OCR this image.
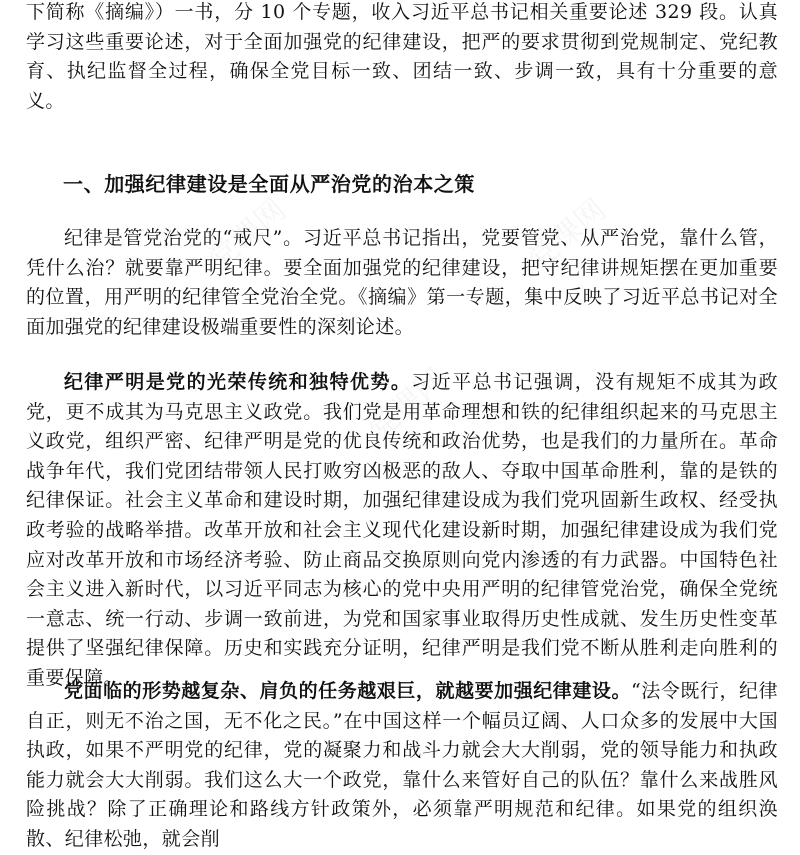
党课网	党课网
党课网

下简称《摘编》）一书，分 10 个专题，收入习近平总书记相关重要论述 329 段。认真学习这些重要论述，对于全面加强党的纪律建设，把严的要求贯彻到党规制定、党纪教育、执纪监督全过程，确保全党目标一致、团结一致、步调一致，具有十分重要的意义。

一、加强纪律建设是全面从严治党的治本之策

纪律是管党治党的“戒尺”。习近平总书记指出，党要管党、从严治党，靠什么管，凭什么治？就要靠严明纪律。要全面加强党的纪律建设，把守纪律讲规矩摆在更加重要的位置，用严明的纪律管全党治全党。《摘编》第一专题，集中反映了习近平总书记对全面加强党的纪律建设极端重要性的深刻论述。

纪律严明是党的光荣传统和独特优势。习近平总书记强调，没有规矩不成其为政党，更不成其为马克思主义政党。我们党是用革命理想和铁的纪律组织起来的马克思主义政党，组织严密、纪律严明是党的优良传统和政治优势，也是我们的力量所在。革命战争年代，我们党团结带领人民打败穷凶极恶的敌人、夺取中国革命胜利，靠的是铁的纪律保证。社会主义革命和建设时期，加强纪律建设成为我们党巩固新生政权、经受执政考验的战略举措。改革开放和社会主义现代化建设新时期，加强纪律建设成为我们党应对改革开放和市场经济考验、防止商品交换原则向党内渗透的有力武器。中国特色社会主义进入新时代，以习近平同志为核心的党中央用严明的纪律管党治党，确保全党统一意志、统一行动、步调一致前进，为党和国家事业取得历史性成就、发生历史性变革提供了坚强纪律保障。历史和实践充分证明，纪律严明是我们党不断从胜利走向胜利的重要保障。

党面临的形势越复杂、肩负的任务越艰巨，就越要加强纪律建设。“法令既行，纪律自正，则无不治之国，无不化之民。”在中国这样一个幅员辽阔、人口众多的发展中大国执政，如果不严明党的纪律，党的凝聚力和战斗力就会大大削弱，党的领导能力和执政能力就会大大削弱。我们这么大一个政党，靠什么来管好自己的队伍？靠什么来战胜风险挑战？除了正确理论和路线方针政策外，必须靠严明规范和纪律。如果党的组织涣散、纪律松弛，就会削
